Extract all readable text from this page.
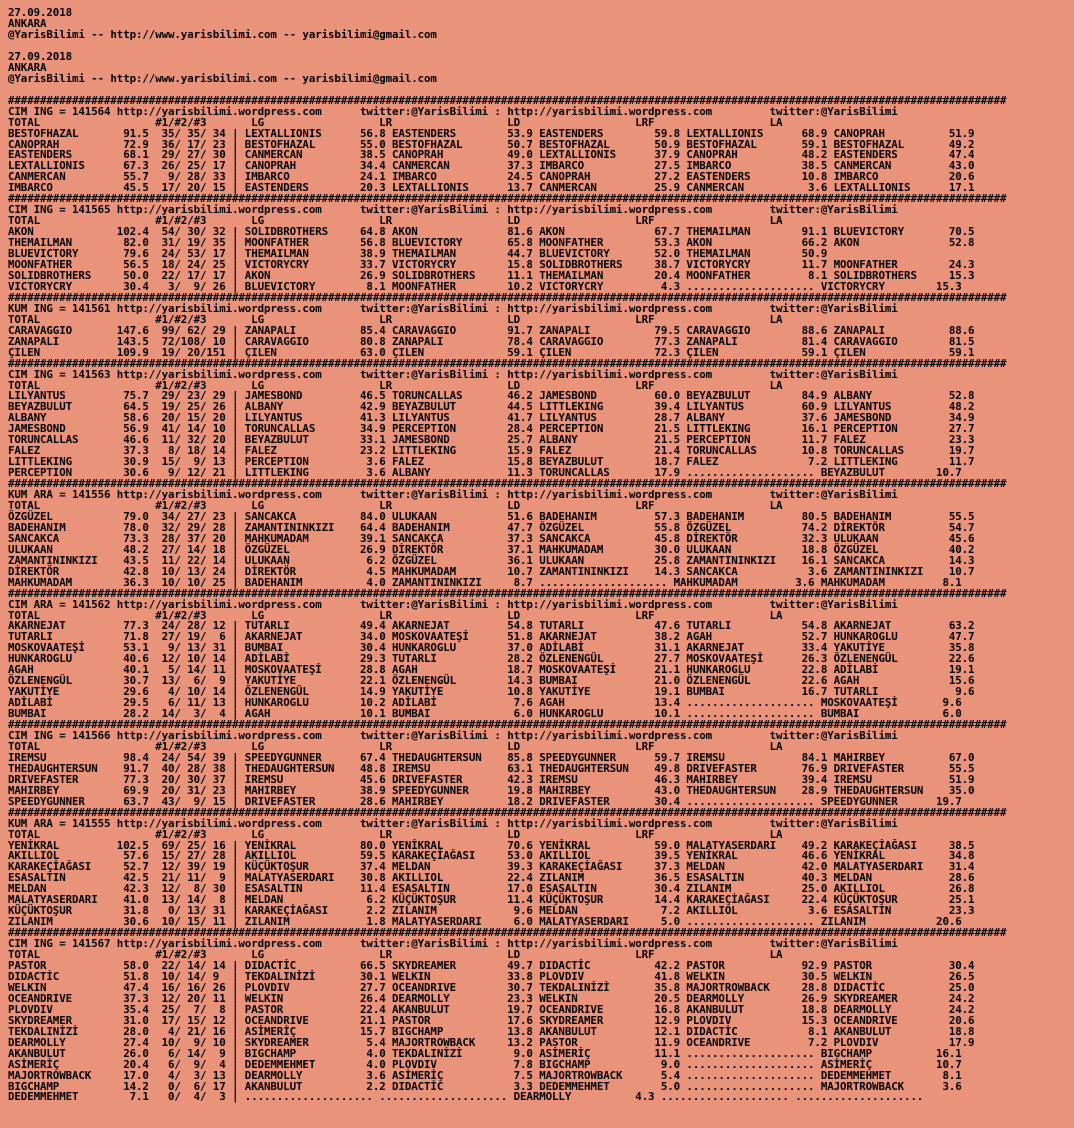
27.09.2018
ANKARA
@YarisBilimi -- http://www.yarisbilimi.com -- yarisbilimi@gmail.com
27.09.2018
ANKARA
@YarisBilimi -- http://www.yarisbilimi.com -- yarisbilimi@gmail.com
############################################################################################################################################################
CIM ING = 141564 http://yarisbilimi.wordpress.com      twitter:@YarisBilimi : http://yarisbilimi.wordpress.com         twitter:@YarisBilimi
TOTAL                  #1/#2/#3       LG                  LR                  LD                  LRF                  LA
BESTOFHAZAL       91.5  35/ 35/ 34 | LEXTALLIONIS      56.8 EASTENDERS        53.9 EASTENDERS        59.8 LEXTALLIONIS      68.9 CANOPRAH          51.9
CANOPRAH          72.9  36/ 17/ 23 | BESTOFHAZAL       55.0 BESTOFHAZAL       50.7 BESTOFHAZAL       50.9 BESTOFHAZAL       59.1 BESTOFHAZAL       49.2
EASTENDERS        68.1  29/ 27/ 30 | CANMERCAN         38.5 CANOPRAH          49.0 LEXTALLIONIS      37.9 CANOPRAH          48.2 EASTENDERS        47.4
LEXTALLIONIS      67.3  26/ 25/ 17 | CANOPRAH          34.4 CANMERCAN         37.3 IMBARCO           27.5 IMBARCO           38.5 CANMERCAN         43.0
CANMERCAN         55.7   9/ 28/ 33 | IMBARCO           24.1 IMBARCO           24.5 CANOPRAH          27.2 EASTENDERS        10.8 IMBARCO           20.6
IMBARCO           45.5  17/ 20/ 15 | EASTENDERS        20.3 LEXTALLIONIS      13.7 CANMERCAN         25.9 CANMERCAN          3.6 LEXTALLIONIS      17.1
############################################################################################################################################################
CIM ING = 141565 http://yarisbilimi.wordpress.com      twitter:@YarisBilimi : http://yarisbilimi.wordpress.com         twitter:@YarisBilimi
TOTAL                  #1/#2/#3       LG                  LR                  LD                  LRF                  LA
AKON             102.4  54/ 30/ 32 | SOLIDBROTHERS     64.8 AKON              81.6 AKON              67.7 THEMAILMAN        91.1 BLUEVICTORY       70.5
THEMAILMAN        82.0  31/ 19/ 35 | MOONFATHER        56.8 BLUEVICTORY       65.8 MOONFATHER        53.3 AKON              66.2 AKON              52.8
BLUEVICTORY       79.6  24/ 53/ 17 | THEMAILMAN        38.9 THEMAILMAN        44.7 BLUEVICTORY       52.0 THEMAILMAN        50.9
MOONFATHER        56.5  18/ 24/ 25 | VICTORYCRY        33.7 VICTORYCRY        15.8 SOLIDBROTHERS     38.7 VICTORYCRY        11.7 MOONFATHER        24.3
SOLIDBROTHERS     50.0  22/ 17/ 17 | AKON              26.9 SOLIDBROTHERS     11.1 THEMAILMAN        20.4 MOONFATHER         8.1 SOLIDBROTHERS     15.3
VICTORYCRY        30.4   3/  9/ 26 | BLUEVICTORY        8.1 MOONFATHER        10.2 VICTORYCRY         4.3 .................... VICTORYCRY        15.3
############################################################################################################################################################
KUM ING = 141561 http://yarisbilimi.wordpress.com      twitter:@YarisBilimi : http://yarisbilimi.wordpress.com         twitter:@YarisBilimi
TOTAL                  #1/#2/#3       LG                  LR                  LD                  LRF                  LA
CARAVAGGIO       147.6  99/ 62/ 29 | ZANAPALI          85.4 CARAVAGGIO        91.7 ZANAPALI          79.5 CARAVAGGIO        88.6 ZANAPALI          88.6
ZANAPALI         143.5  72/108/ 10 | CARAVAGGIO        80.8 ZANAPALI          78.4 CARAVAGGIO        77.3 ZANAPALI          81.4 CARAVAGGIO        81.5
ÇILEN            109.9  19/ 20/151 | ÇILEN             63.0 ÇILEN             59.1 ÇILEN             72.3 ÇILEN             59.1 ÇILEN             59.1
############################################################################################################################################################
CIM ING = 141563 http://yarisbilimi.wordpress.com      twitter:@YarisBilimi : http://yarisbilimi.wordpress.com         twitter:@YarisBilimi
TOTAL                  #1/#2/#3       LG                  LR                  LD                  LRF                  LA
LILYANTUS         75.7  29/ 23/ 29 | JAMESBOND         46.5 TORUNCALLAS       46.2 JAMESBOND         60.0 BEYAZBULUT        84.9 ALBANY            52.8
BEYAZBULUT        64.5  19/ 25/ 26 | ALBANY            42.9 BEYAZBULUT        44.5 LITTLEKING        39.4 LILYANTUS         60.9 LILYANTUS         48.2
ALBANY            58.6  20/ 15/ 20 | LILYANTUS         41.3 LILYANTUS         41.7 LILYANTUS         28.7 ALBANY            37.6 JAMESBOND         34.9
JAMESBOND         56.9  41/ 14/ 10 | TORUNCALLAS       34.9 PERCEPTION        28.4 PERCEPTION        21.5 LITTLEKING        16.1 PERCEPTION        27.7
TORUNCALLAS       46.6  11/ 32/ 20 | BEYAZBULUT        33.1 JAMESBOND         25.7 ALBANY            21.5 PERCEPTION        11.7 FALEZ             23.3
FALEZ             37.3   8/ 18/ 14 | FALEZ             23.2 LITTLEKING        15.9 FALEZ             21.4 TORUNCALLAS       10.8 TORUNCALLAS       19.7
LITTLEKING        30.9  15/  9/ 13 | PERCEPTION         3.6 FALEZ             15.8 BEYAZBULUT        18.7 FALEZ              7.2 LITTLEKING        11.7
PERCEPTION        30.6   9/ 12/ 21 | LITTLEKING         3.6 ALBANY            11.3 TORUNCALLAS       17.9 .................... BEYAZBULUT        10.7
############################################################################################################################################################
KUM ARA = 141556 http://yarisbilimi.wordpress.com      twitter:@YarisBilimi : http://yarisbilimi.wordpress.com         twitter:@YarisBilimi
TOTAL                  #1/#2/#3       LG                  LR                  LD                  LRF                  LA
ÖZGÜZEL           79.0  34/ 27/ 23 | SANCAKCA          84.0 ULUKAAN           51.6 BADEHANIM         57.3 BADEHANIM         80.5 BADEHANIM         55.5
BADEHANIM         78.0  32/ 29/ 28 | ZAMANTININKIZI    64.4 BADEHANIM         47.7 ÖZGÜZEL           55.8 ÖZGÜZEL           74.2 DİREKTÖR          54.7
SANCAKCA          73.3  28/ 37/ 20 | MAHKUMADAM        39.1 SANCAKCA          37.3 SANCAKCA          45.8 DİREKTÖR          32.3 ULUKAAN           45.6
ULUKAAN           48.2  27/ 14/ 18 | ÖZGÜZEL           26.9 DİREKTÖR          37.1 MAHKUMADAM        30.0 ULUKAAN           18.8 ÖZGÜZEL           40.2
ZAMANTININKIZI    43.5  11/ 22/ 14 | ULUKAAN            6.2 ÖZGÜZEL           36.1 ULUKAAN           25.8 ZAMANTININKIZI    16.1 SANCAKCA          14.3
DİREKTÖR          42.8  10/ 13/ 24 | DİREKTÖR           4.5 MAHKUMADAM        10.7 ZAMANTININKIZI    14.3 SANCAKCA           3.6 ZAMANTININKIZI    10.7
MAHKUMADAM        36.3  10/ 10/ 25 | BADEHANIM          4.0 ZAMANTININKIZI     8.7 .................... MAHKUMADAM         3.6 MAHKUMADAM         8.1
############################################################################################################################################################
CIM ARA = 141562 http://yarisbilimi.wordpress.com      twitter:@YarisBilimi : http://yarisbilimi.wordpress.com         twitter:@YarisBilimi
TOTAL                  #1/#2/#3       LG                  LR                  LD                  LRF                  LA
AKARNEJAT         77.3  24/ 28/ 12 | TUTARLI           49.4 AKARNEJAT         54.8 TUTARLI           47.6 TUTARLI           54.8 AKARNEJAT         63.2
TUTARLI           71.8  27/ 19/  6 | AKARNEJAT         34.0 MOSKOVAATEŞİ      51.8 AKARNEJAT         38.2 AGAH              52.7 HUNKAROGLU        47.7
MOSKOVAATEŞİ      53.1   9/ 13/ 31 | BUMBAI            30.4 HUNKAROGLU        37.0 ADİLABİ           31.1 AKARNEJAT         33.4 YAKUTİYE          35.8
HUNKAROGLU        40.6  12/ 10/ 14 | ADİLABİ           29.3 TUTARLI           28.2 ÖZLENENGÜL        27.7 MOSKOVAATEŞİ      26.3 ÖZLENENGÜL        22.6
AGAH              40.1   5/ 14/ 11 | MOSKOVAATEŞİ      28.8 AGAH              18.7 MOSKOVAATEŞİ      21.1 HUNKAROGLU        22.8 ADİLABİ           19.1
ÖZLENENGÜL        30.7  13/  6/  9 | YAKUTİYE          22.1 ÖZLENENGÜL        14.3 BUMBAI            21.0 ÖZLENENGÜL        22.6 AGAH              15.6
YAKUTİYE          29.6   4/ 10/ 14 | ÖZLENENGÜL        14.9 YAKUTİYE          10.8 YAKUTİYE          19.1 BUMBAI            16.7 TUTARLI            9.6
ADİLABİ           29.5   6/ 11/ 13 | HUNKAROGLU        10.2 ADİLABİ            7.6 AGAH              13.4 .................... MOSKOVAATEŞİ       9.6
BUMBAI            28.2  14/  3/  4 | AGAH              10.1 BUMBAI             6.0 HUNKAROGLU        10.1 .................... BUMBAI             6.0
############################################################################################################################################################
CIM ING = 141566 http://yarisbilimi.wordpress.com      twitter:@YarisBilimi : http://yarisbilimi.wordpress.com         twitter:@YarisBilimi
TOTAL                  #1/#2/#3       LG                  LR                  LD                  LRF                  LA
IREMSU            98.4  24/ 54/ 39 | SPEEDYGUNNER      67.4 THEDAUGHTERSUN    85.8 SPEEDYGUNNER      59.7 IREMSU            84.1 MAHIRBEY          67.0
THEDAUGHTERSUN    91.7  40/ 28/ 38 | THEDAUGHTERSUN    48.8 IREMSU            63.1 THEDAUGHTERSUN    49.8 DRIVEFASTER       76.9 DRIVEFASTER       55.5
DRIVEFASTER       77.3  20/ 30/ 37 | IREMSU            45.6 DRIVEFASTER       42.3 IREMSU            46.3 MAHIRBEY          39.4 IREMSU            51.9
MAHIRBEY          69.9  20/ 31/ 23 | MAHIRBEY          38.9 SPEEDYGUNNER      19.8 MAHIRBEY          43.0 THEDAUGHTERSUN    28.9 THEDAUGHTERSUN    35.0
SPEEDYGUNNER      63.7  43/  9/ 15 | DRIVEFASTER       28.6 MAHIRBEY          18.2 DRIVEFASTER       30.4 .................... SPEEDYGUNNER      19.7
############################################################################################################################################################
KUM ARA = 141555 http://yarisbilimi.wordpress.com      twitter:@YarisBilimi : http://yarisbilimi.wordpress.com         twitter:@YarisBilimi
TOTAL                  #1/#2/#3       LG                  LR                  LD                  LRF                  LA
YENİKRAL         102.5  69/ 25/ 16 | YENİKRAL          80.0 YENİKRAL          70.6 YENİKRAL          59.0 MALATYASERDARI    49.2 KARAKEÇİAĞASI     38.5
AKILLIOL          57.6  15/ 27/ 28 | AKILLIOL          59.5 KARAKEÇİAĞASI     53.0 AKILLIOL          39.5 YENİKRAL          46.6 YENİKRAL          34.8
KARAKEÇİAĞASI     52.7  12/ 39/ 19 | KÜÇÜKTOŞUR        37.4 MELDAN            39.3 KARAKEÇİAĞASI     37.3 MELDAN            42.0 MALATYASERDARI    31.4
ESASALTIN         42.5  21/ 11/  9 | MALATYASERDARI    30.8 AKILLIOL          22.4 ZILANIM           36.5 ESASALTIN         40.3 MELDAN            28.6
MELDAN            42.3  12/  8/ 30 | ESASALTIN         11.4 ESASALTIN         17.0 ESASALTIN         30.4 ZILANIM           25.0 AKILLIOL          26.8
MALATYASERDARI    41.0  13/ 14/  8 | MELDAN             6.2 KÜÇÜKTOŞUR        11.4 KÜÇÜKTOŞUR        14.4 KARAKEÇİAĞASI     22.4 KÜÇÜKTOŞUR        25.1
KÜÇÜKTOŞUR        31.8   0/ 13/ 31 | KARAKEÇİAĞASI      2.2 ZILANIM            9.6 MELDAN             7.2 AKILLIOL           3.6 ESASALTIN         23.3
ZILANIM           30.6  10/ 15/ 11 | ZILANIM            1.8 MALATYASERDARI     6.0 MALATYASERDARI     5.0 .................... ZILANIM           20.6
############################################################################################################################################################
CIM ING = 141567 http://yarisbilimi.wordpress.com      twitter:@YarisBilimi : http://yarisbilimi.wordpress.com         twitter:@YarisBilimi
TOTAL                  #1/#2/#3       LG                  LR                  LD                  LRF                  LA
PASTOR            58.0  22/ 14/ 14 | DIDACTİC          66.5 SKYDREAMER        49.7 DIDACTİC          42.2 PASTOR            92.9 PASTOR            30.4
DIDACTİC          51.8  10/ 14/ 9  | TEKDALINİZİ       30.1 WELKIN            33.8 PLOVDIV           41.8 WELKIN            30.5 WELKIN            26.5
WELKIN            47.4  16/ 16/ 26 | PLOVDIV           27.7 OCEANDRIVE        30.7 TEKDALINİZİ       35.8 MAJORTROWBACK     28.8 DIDACTİC          25.0
OCEANDRIVE        37.3  12/ 20/ 11 | WELKIN            26.4 DEARMOLLY         23.3 WELKIN            20.5 DEARMOLLY         26.9 SKYDREAMER        24.2
PLOVDIV           35.4  25/  7/  8 | PASTOR            22.4 AKANBULUT         19.7 OCEANDRIVE        16.8 AKANBULUT         18.8 DEARMOLLY         24.2
SKYDREAMER        31.0  17/ 15/ 12 | OCEANDRIVE        21.1 PASTOR            17.6 SKYDREAMER        12.9 PLOVDIV           15.3 OCEANDRIVE        20.6
TEKDALINİZİ       28.0   4/ 21/ 16 | ASİMERİÇ          15.7 BIGCHAMP          13.8 AKANBULUT         12.1 DIDACTİC           8.1 AKANBULUT         18.8
DEARMOLLY         27.4  10/  9/ 10 | SKYDREAMER         5.4 MAJORTROWBACK     13.2 PASTOR            11.9 OCEANDRIVE         7.2 PLOVDIV           17.9
AKANBULUT         26.0   6/ 14/  9 | BIGCHAMP           4.0 TEKDALINİZİ        9.0 ASİMERİÇ          11.1 .................... BIGCHAMP          16.1
ASİMERİÇ          20.4   6/  9/  4 | DEDEMMEHMET        4.0 PLOVDIV            7.8 BIGCHAMP           9.0 .................... ASİMERİÇ          10.7
MAJORTROWBACK     17.0   4/  3/ 13 | DEARMOLLY          3.6 ASİMERİÇ           7.5 MAJORTROWBACK      5.4 .................... DEDEMMEHMET        8.1
BIGCHAMP          14.2   0/  6/ 17 | AKANBULUT          2.2 DIDACTİC           3.3 DEDEMMEHMET        5.0 .................... MAJORTROWBACK      3.6
DEDEMMEHMET        7.1   0/  4/  3 | .................... .................... DEARMOLLY          4.3 .................... ....................
